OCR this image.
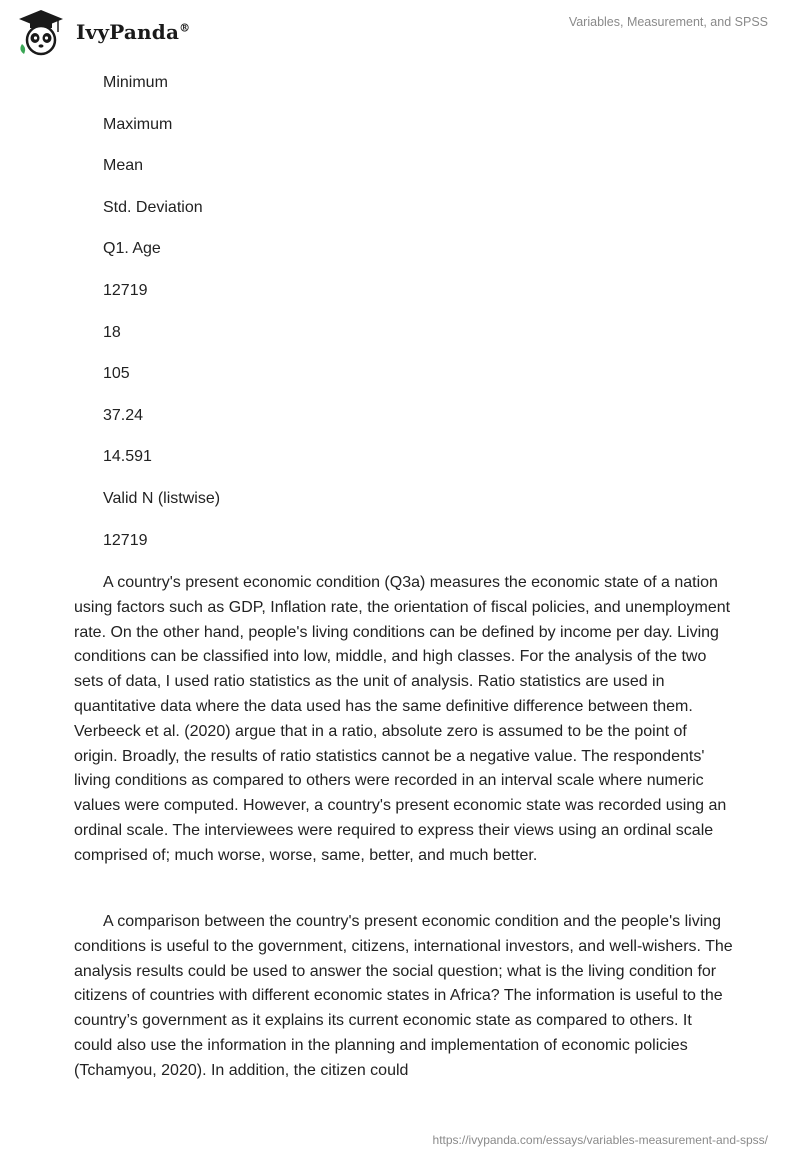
IvyPanda®	Variables, Measurement, and SPSS
Minimum
Maximum
Mean
Std. Deviation
Q1. Age
12719
18
105
37.24
14.591
Valid N (listwise)
12719

A country's present economic condition (Q3a) measures the economic state of a nation using factors such as GDP, Inflation rate, the orientation of fiscal policies, and unemployment rate. On the other hand, people's living conditions can be defined by income per day. Living conditions can be classified into low, middle, and high classes. For the analysis of the two sets of data, I used ratio statistics as the unit of analysis. Ratio statistics are used in quantitative data where the data used has the same definitive difference between them. Verbeeck et al. (2020) argue that in a ratio, absolute zero is assumed to be the point of origin. Broadly, the results of ratio statistics cannot be a negative value. The respondents' living conditions as compared to others were recorded in an interval scale where numeric values were computed. However, a country's present economic state was recorded using an ordinal scale. The interviewees were required to express their views using an ordinal scale comprised of; much worse, worse, same, better, and much better.

A comparison between the country's present economic condition and the people's living conditions is useful to the government, citizens, international investors, and well-wishers. The analysis results could be used to answer the social question; what is the living condition for citizens of countries with different economic states in Africa? The information is useful to the country’s government as it explains its current economic state as compared to others. It could also use the information in the planning and implementation of economic policies (Tchamyou, 2020). In addition, the citizen could

https://ivypanda.com/essays/variables-measurement-and-spss/
